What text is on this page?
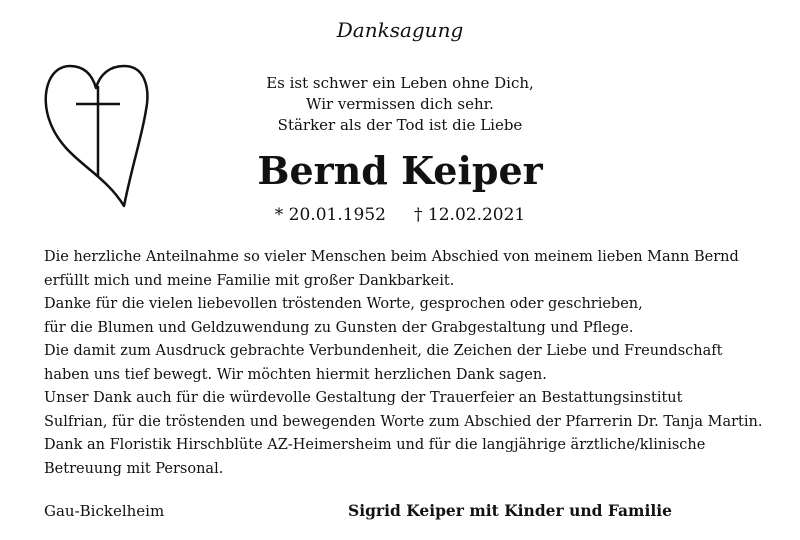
Danksagung
Es ist schwer ein Leben ohne Dich,
Wir vermissen dich sehr.
Stärker als der Tod ist die Liebe
Bernd Keiper
* 20.01.1952 † 12.02.2021

Die herzliche Anteilnahme so vieler Menschen beim Abschied von meinem lieben Mann Bernd

erfüllt mich und meine Familie mit großer Dankbarkeit.

Danke für die vielen liebevollen tröstenden Worte, gesprochen oder geschrieben,

für die Blumen und Geldzuwendung zu Gunsten der Grabgestaltung und Pflege.

Die damit zum Ausdruck gebrachte Verbundenheit, die Zeichen der Liebe und Freundschaft

haben uns tief bewegt. Wir möchten hiermit herzlichen Dank sagen.

Unser Dank auch für die würdevolle Gestaltung der Trauerfeier an Bestattungsinstitut

Sulfrian, für die tröstenden und bewegenden Worte zum Abschied der Pfarrerin Dr. Tanja Martin.

Dank an Floristik Hirschblüte AZ-Heimersheim und für die langjährige ärztliche/klinische

Betreuung mit Personal.

Gau-Bickelheim	Sigrid Keiper mit Kinder und Familie
